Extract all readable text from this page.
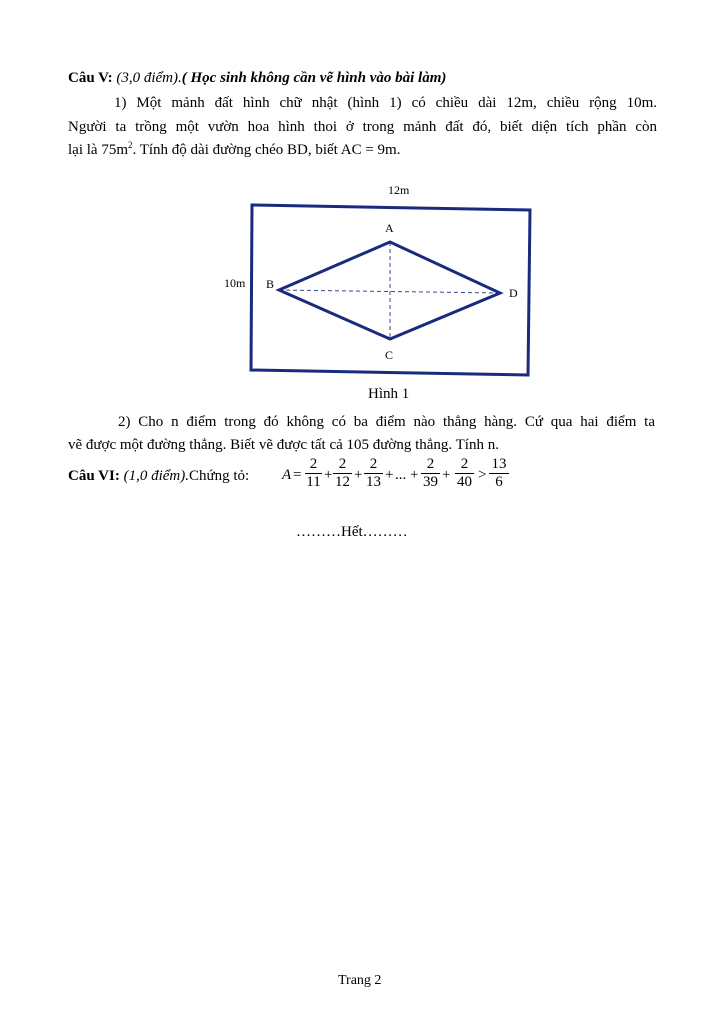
Câu V: (3,0 điểm).( Học sinh không cần vẽ hình vào bài làm)
1) Một mảnh đất hình chữ nhật (hình 1) có chiều dài 12m, chiều rộng 10m.
Người ta trồng một vườn hoa hình thoi ở trong mảnh đất đó, biết diện tích phần còn
lại là $75m^2$. Tính độ dài đường chéo BD, biết AC = 9m.
12m
10m
A
B
C
D
Hình 1
2) Cho n điểm trong đó không có ba điểm nào thẳng hàng. Cứ qua hai điểm ta
vẽ được một đường thẳng. Biết vẽ được tất cả 105 đường thẳng. Tính n.
Câu VI: (1,0 điểm).Chứng tỏ: A =
2
11 +
2
12 +
2
13 + ... +
2
39 +
2
40 >
13
6
………Hết………
Trang 2
